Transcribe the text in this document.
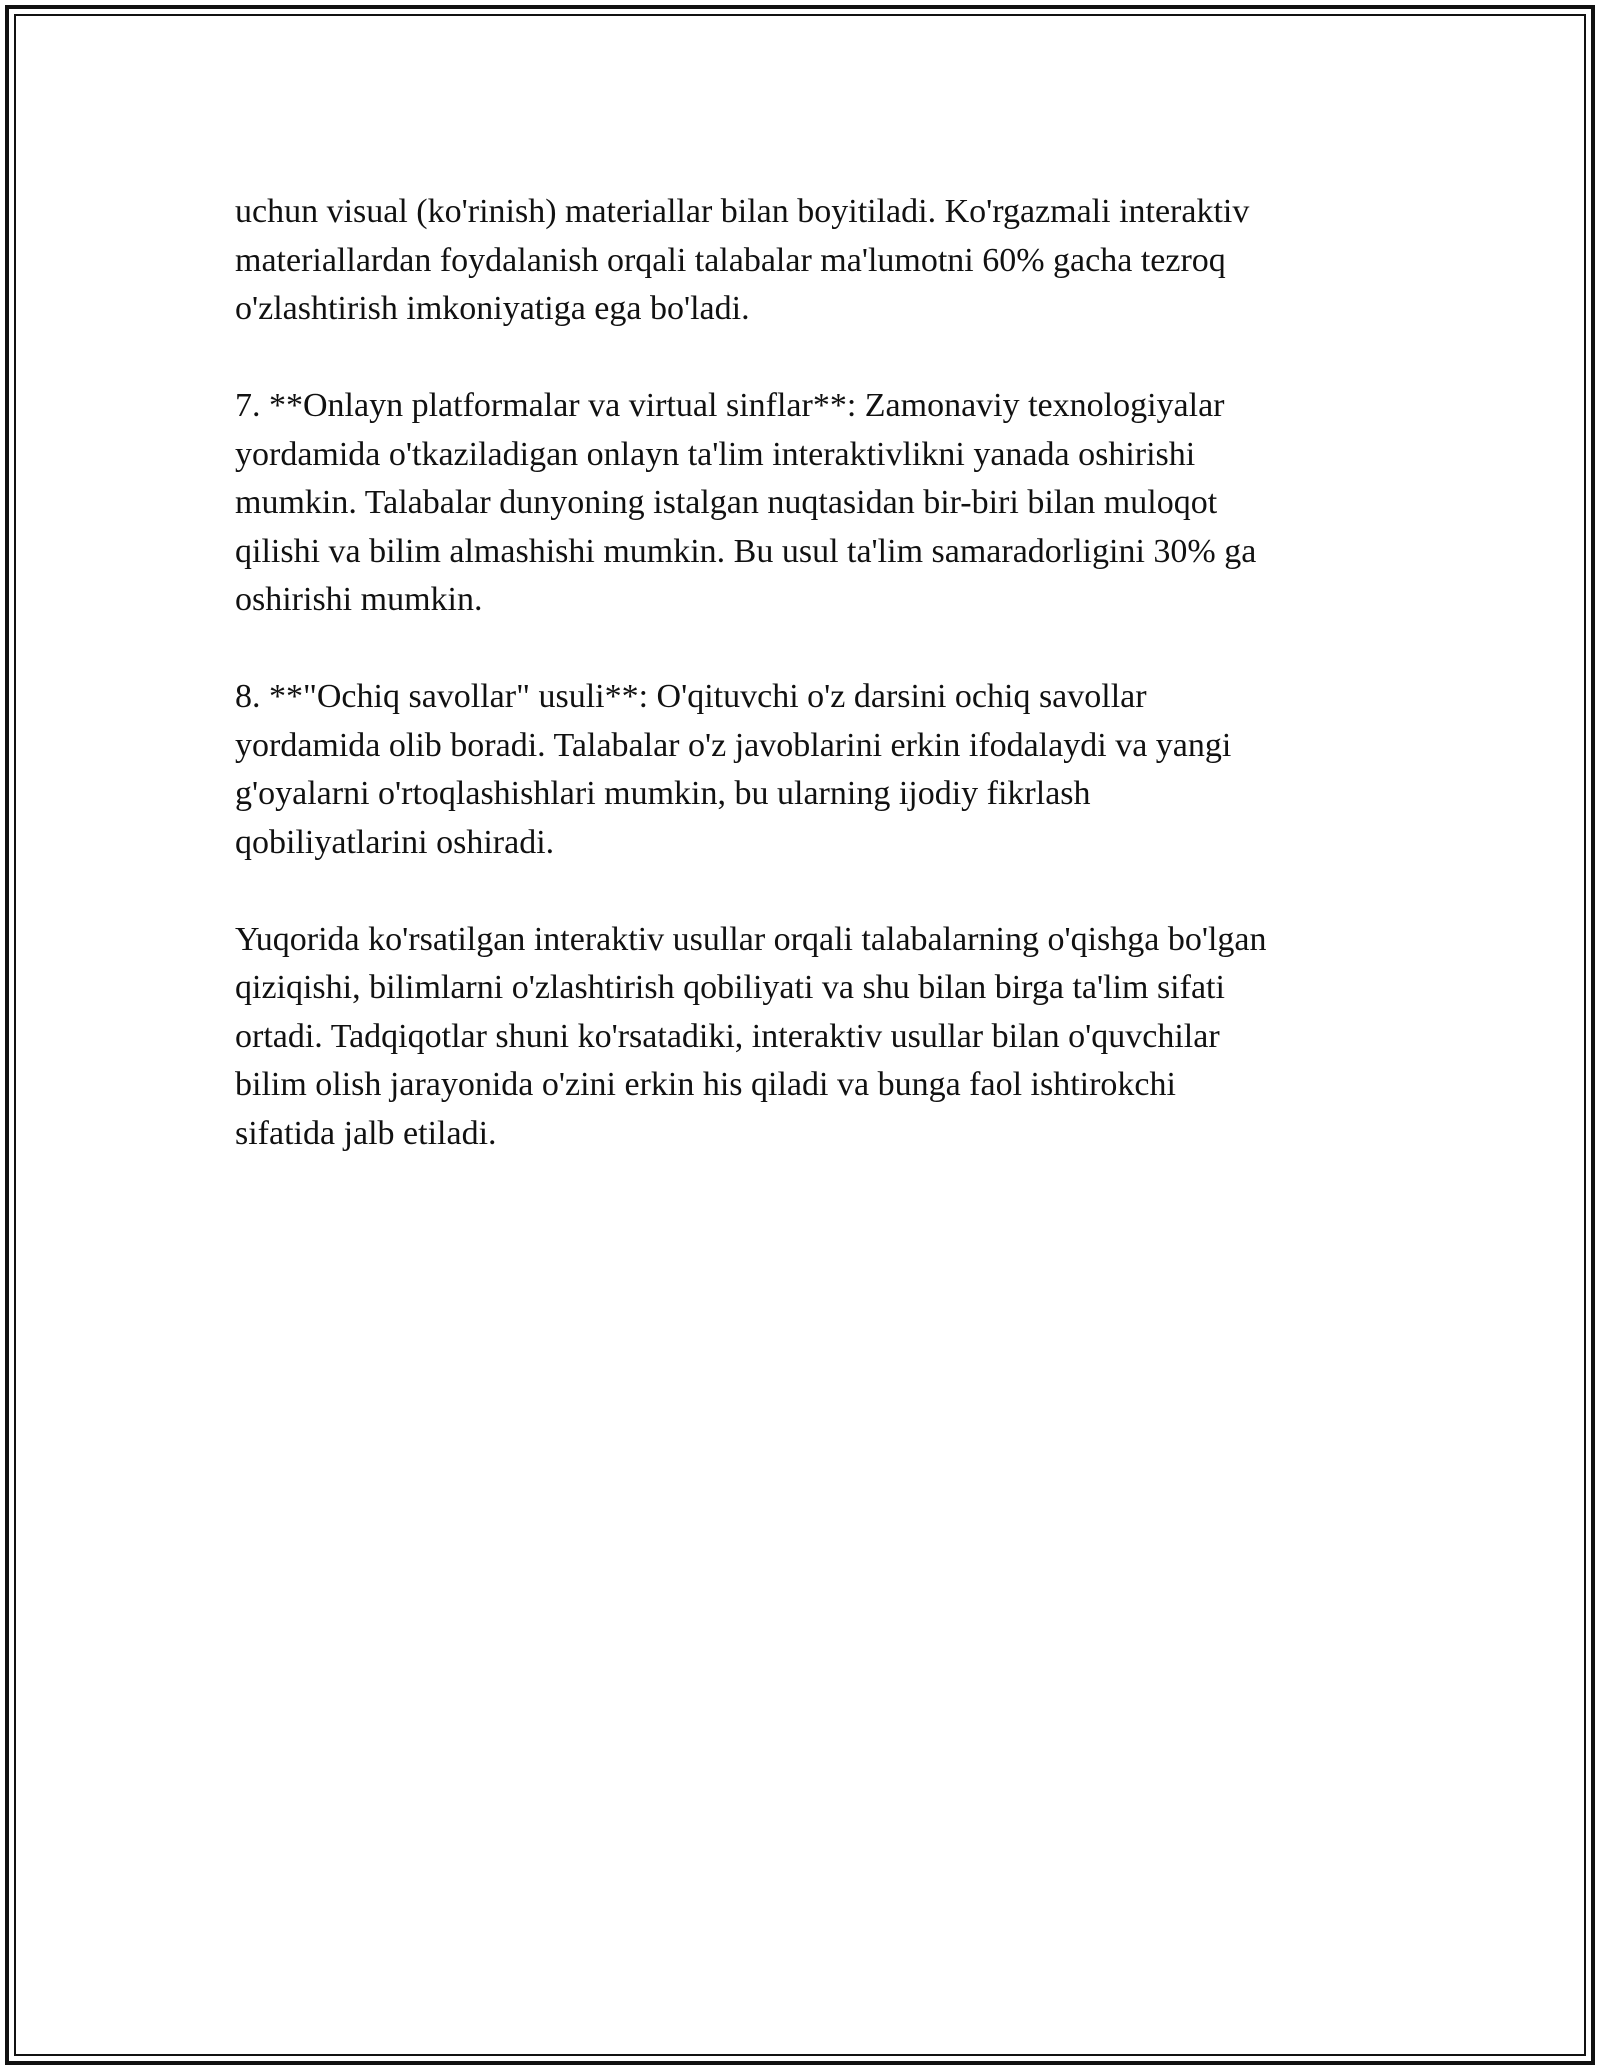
uchun visual (ko'rinish) materiallar bilan boyitiladi. Ko'rgazmali interaktiv
materiallardan foydalanish orqali talabalar ma'lumotni 60% gacha tezroq
o'zlashtirish imkoniyatiga ega bo'ladi.

7. **Onlayn platformalar va virtual sinflar**: Zamonaviy texnologiyalar
yordamida o'tkaziladigan onlayn ta'lim interaktivlikni yanada oshirishi
mumkin. Talabalar dunyoning istalgan nuqtasidan bir-biri bilan muloqot
qilishi va bilim almashishi mumkin. Bu usul ta'lim samaradorligini 30% ga
oshirishi mumkin.

8. **"Ochiq savollar" usuli**: O'qituvchi o'z darsini ochiq savollar
yordamida olib boradi. Talabalar o'z javoblarini erkin ifodalaydi va yangi
g'oyalarni o'rtoqlashishlari mumkin, bu ularning ijodiy fikrlash
qobiliyatlarini oshiradi.

Yuqorida ko'rsatilgan interaktiv usullar orqali talabalarning o'qishga bo'lgan
qiziqishi, bilimlarni o'zlashtirish qobiliyati va shu bilan birga ta'lim sifati
ortadi. Tadqiqotlar shuni ko'rsatadiki, interaktiv usullar bilan o'quvchilar
bilim olish jarayonida o'zini erkin his qiladi va bunga faol ishtirokchi
sifatida jalb etiladi.
